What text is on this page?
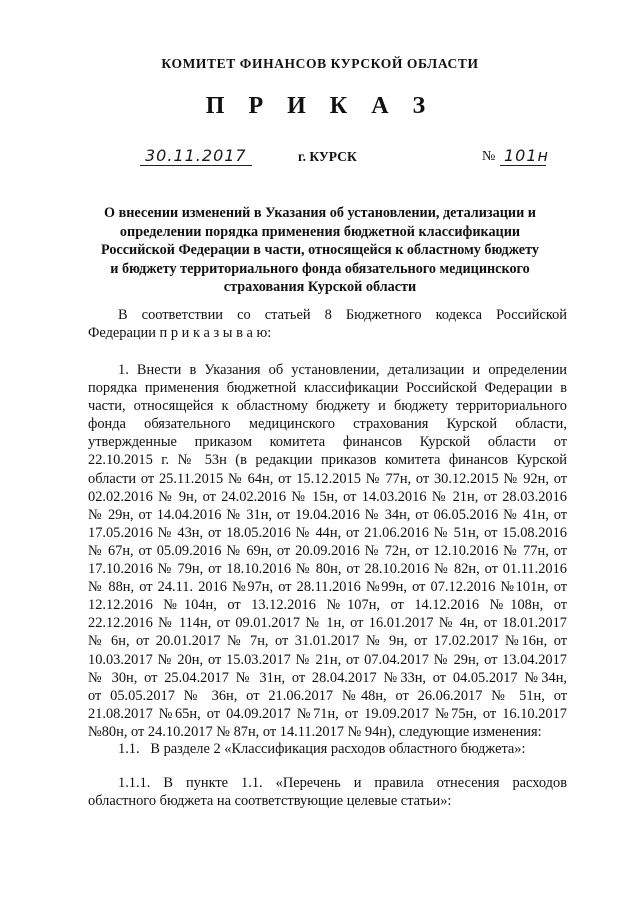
КОМИТЕТ ФИНАНСОВ КУРСКОЙ ОБЛАСТИ
П Р И К А З
30.11.2017	г. КУРСК	№ 101н
О внесении изменений в Указания об установлении, детализации и
определении порядка применения бюджетной классификации
Российской Федерации в части, относящейся к областному бюджету
и бюджету территориального фонда обязательного медицинского
страхования Курской области
В соответствии со статьей 8 Бюджетного кодекса Российской
Федерации п р и к а з ы в а ю:
1. Внести в Указания об установлении, детализации и определении
порядка применения бюджетной классификации Российской Федерации в
части, относящейся к областному бюджету и бюджету территориального
фонда обязательного медицинского страхования Курской области,
утвержденные приказом комитета финансов Курской области от
22.10.2015 г. № 53н (в редакции приказов комитета финансов Курской
области от 25.11.2015 № 64н, от 15.12.2015 № 77н, от 30.12.2015 № 92н, от
02.02.2016 № 9н, от 24.02.2016 № 15н, от 14.03.2016 № 21н, от 28.03.2016
№ 29н, от 14.04.2016 № 31н, от 19.04.2016 № 34н, от 06.05.2016 № 41н, от
17.05.2016 № 43н, от 18.05.2016 № 44н, от 21.06.2016 № 51н, от 15.08.2016
№ 67н, от 05.09.2016 № 69н, от 20.09.2016 № 72н, от 12.10.2016 № 77н, от
17.10.2016 № 79н, от 18.10.2016 № 80н, от 28.10.2016 № 82н, от 01.11.2016
№ 88н, от 24.11. 2016 №97н, от 28.11.2016 №99н, от 07.12.2016 №101н, от
12.12.2016 №104н, от 13.12.2016 №107н, от 14.12.2016 №108н, от
22.12.2016 № 114н, от 09.01.2017 № 1н, от 16.01.2017 № 4н, от 18.01.2017
№ 6н, от 20.01.2017 № 7н, от 31.01.2017 № 9н, от 17.02.2017 №16н, от
10.03.2017 № 20н, от 15.03.2017 № 21н, от 07.04.2017 № 29н, от 13.04.2017
№ 30н, от 25.04.2017 № 31н, от 28.04.2017 №33н, от 04.05.2017 №34н,
от 05.05.2017 № 36н, от 21.06.2017 №48н, от 26.06.2017 № 51н, от
21.08.2017 №65н, от 04.09.2017 №71н, от 19.09.2017 №75н, от 16.10.2017
№80н, от 24.10.2017 № 87н, от 14.11.2017 № 94н), следующие изменения:
1.1.   В разделе 2 «Классификация расходов областного бюджета»:
1.1.1. В пункте 1.1. «Перечень и правила отнесения расходов
областного бюджета на соответствующие целевые статьи»:
